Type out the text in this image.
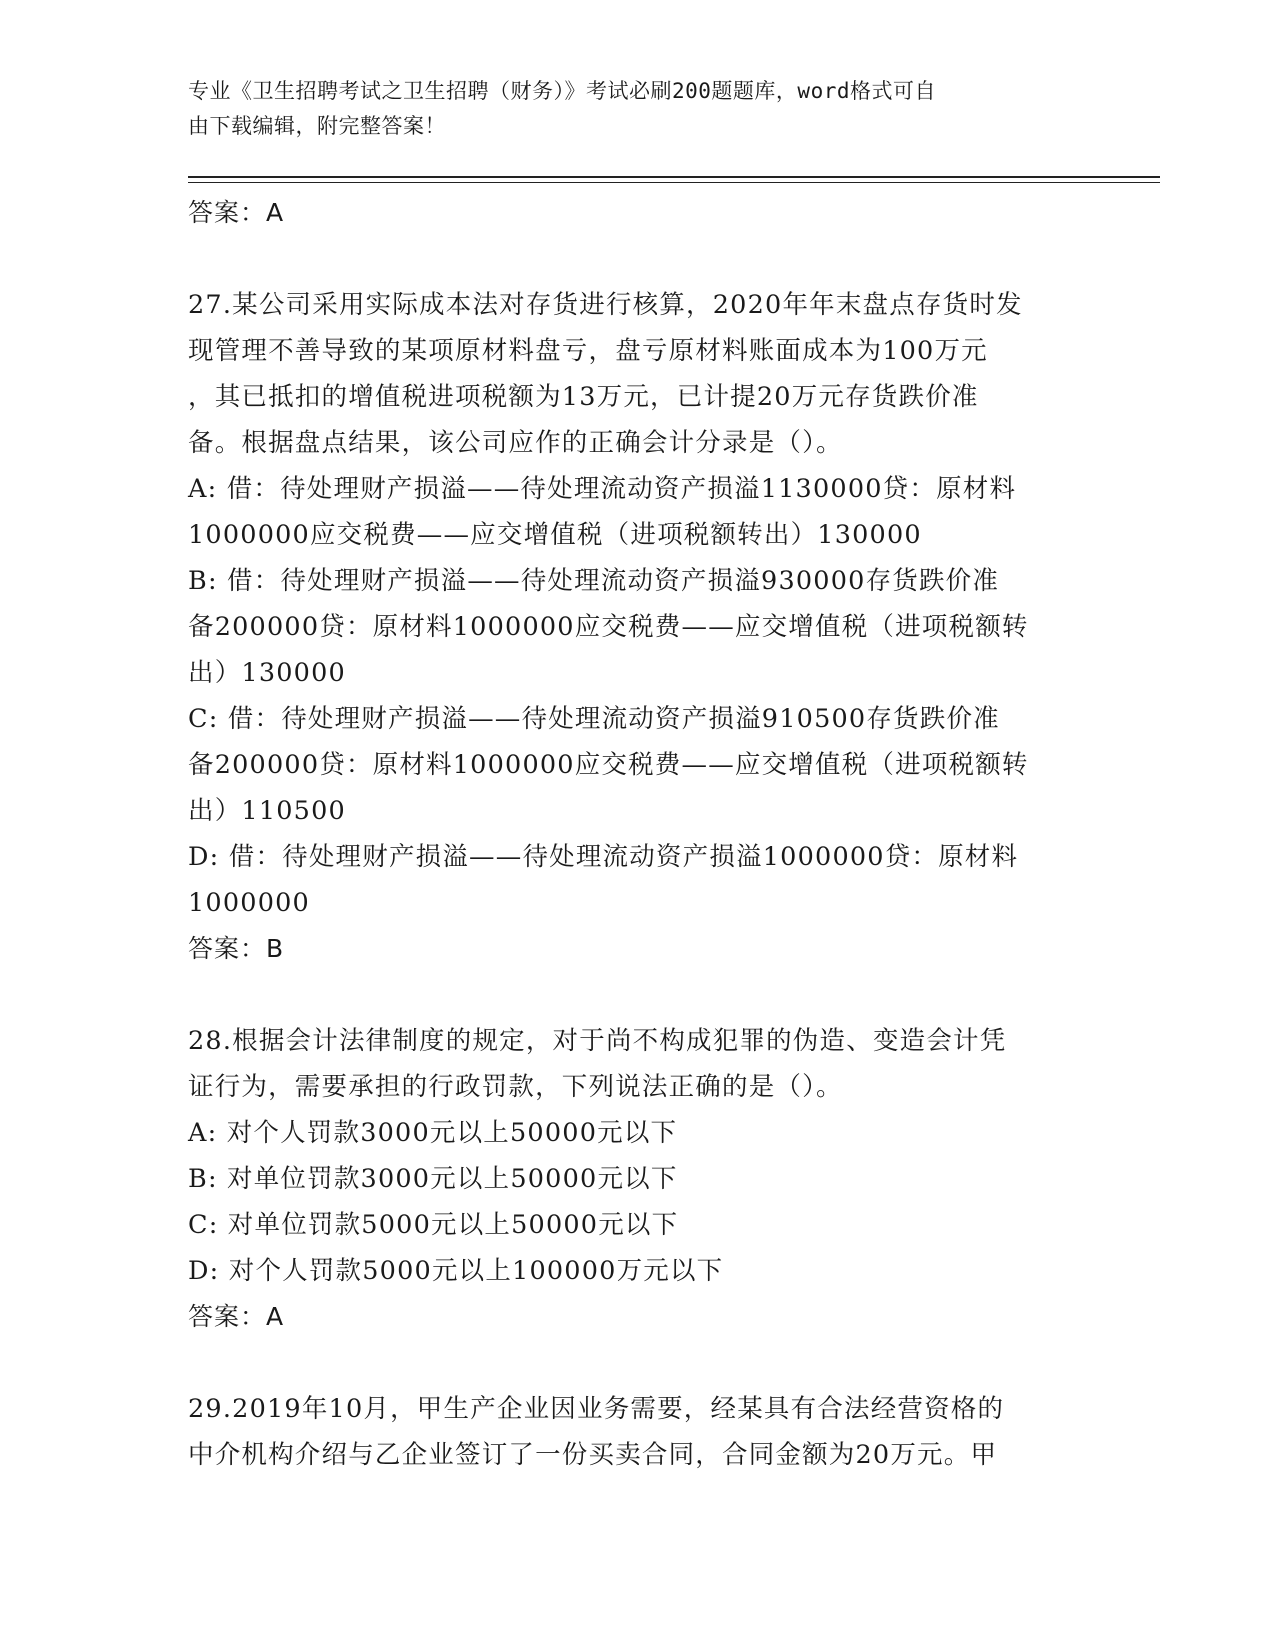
专业《卫生招聘考试之卫生招聘（财务）》考试必刷200题题库，word格式可自
由下载编辑，附完整答案！
答案：A
27.某公司采用实际成本法对存货进行核算，2020年年末盘点存货时发
现管理不善导致的某项原材料盘亏，盘亏原材料账面成本为100万元
，其已抵扣的增值税进项税额为13万元，已计提20万元存货跌价准
备。根据盘点结果，该公司应作的正确会计分录是（）。
A: 借：待处理财产损溢——待处理流动资产损溢1130000贷：原材料
1000000应交税费——应交增值税（进项税额转出）130000
B: 借：待处理财产损溢——待处理流动资产损溢930000存货跌价准
备200000贷：原材料1000000应交税费——应交增值税（进项税额转
出）130000
C: 借：待处理财产损溢——待处理流动资产损溢910500存货跌价准
备200000贷：原材料1000000应交税费——应交增值税（进项税额转
出）110500
D: 借：待处理财产损溢——待处理流动资产损溢1000000贷：原材料
1000000
答案：B
28.根据会计法律制度的规定，对于尚不构成犯罪的伪造、变造会计凭
证行为，需要承担的行政罚款，下列说法正确的是（）。
A: 对个人罚款3000元以上50000元以下
B: 对单位罚款3000元以上50000元以下
C: 对单位罚款5000元以上50000元以下
D: 对个人罚款5000元以上100000万元以下
答案：A
29.2019年10月，甲生产企业因业务需要，经某具有合法经营资格的
中介机构介绍与乙企业签订了一份买卖合同，合同金额为20万元。甲
